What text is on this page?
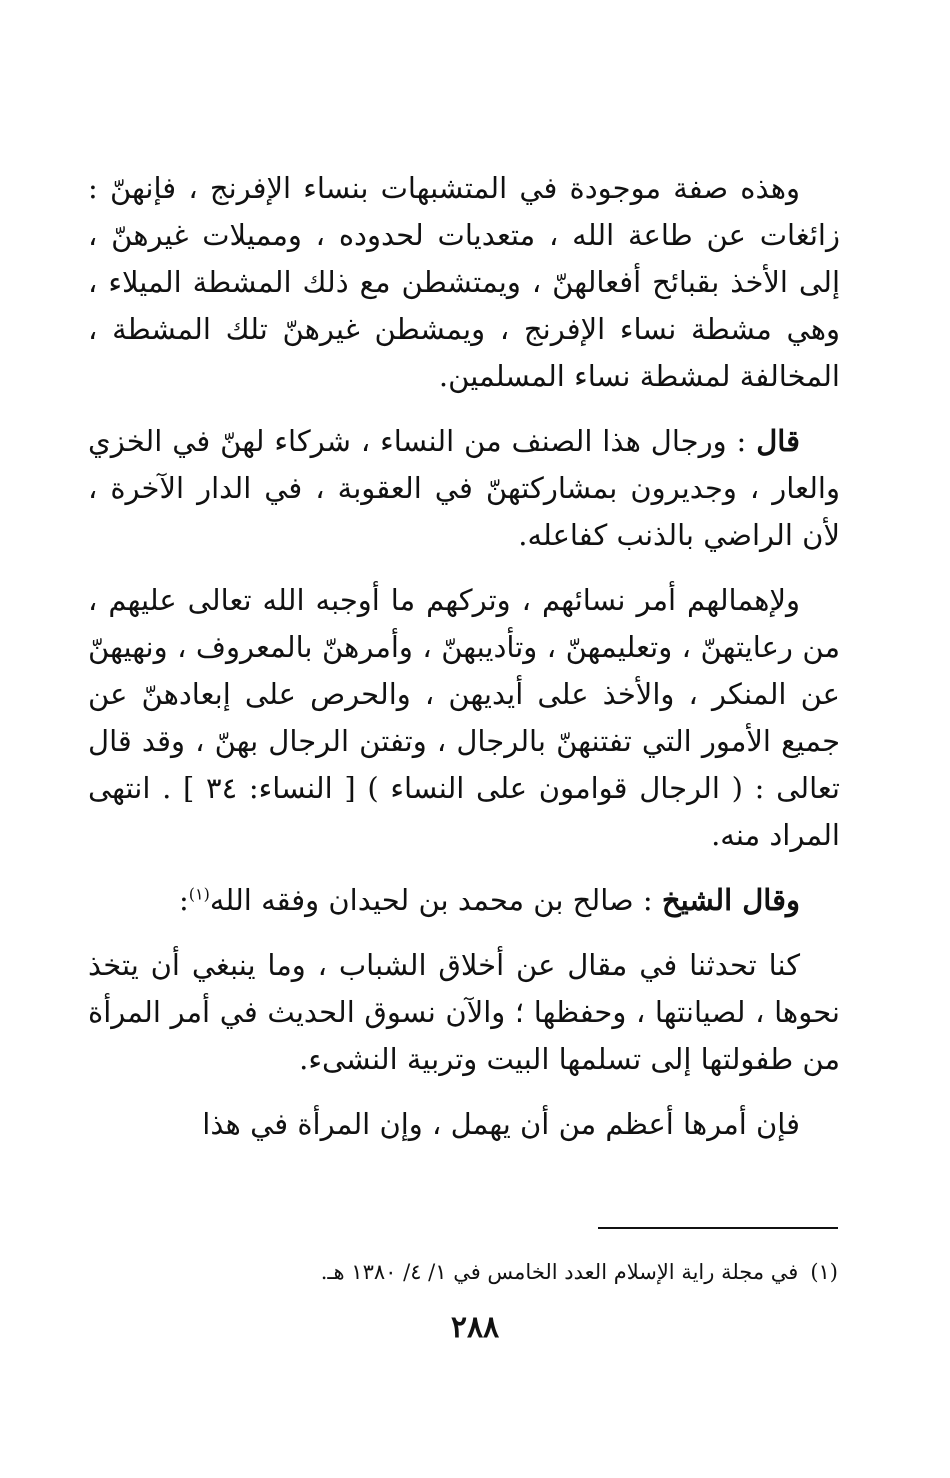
وهذه صفة موجودة في المتشبهات بنساء الإفرنج ، فإنهنّ : زائغات عن طاعة الله ، متعديات لحدوده ، ومميلات غيرهنّ ، إلى الأخذ بقبائح أفعالهنّ ، ويمتشطن مع ذلك المشطة الميلاء ، وهي مشطة نساء الإفرنج ، ويمشطن غيرهنّ تلك المشطة ، المخالفة لمشطة نساء المسلمين.

قال : ورجال هذا الصنف من النساء ، شركاء لهنّ في الخزي والعار ، وجديرون بمشاركتهنّ في العقوبة ، في الدار الآخرة ، لأن الراضي بالذنب كفاعله.

ولإهمالهم أمر نسائهم ، وتركهم ما أوجبه الله تعالى عليهم ، من رعايتهنّ ، وتعليمهنّ ، وتأديبهنّ ، وأمرهنّ بالمعروف ، ونهيهنّ عن المنكر ، والأخذ على أيديهن ، والحرص على إبعادهنّ عن جميع الأمور التي تفتنهنّ بالرجال ، وتفتن الرجال بهنّ ، وقد قال تعالى : ( الرجال قوامون على النساء ) [ النساء: ٣٤ ] . انتهى المراد منه.

وقال الشيخ : صالح بن محمد بن لحيدان وفقه الله$^{(١)}$:

كنا تحدثنا في مقال عن أخلاق الشباب ، وما ينبغي أن يتخذ نحوها ، لصيانتها ، وحفظها ؛ والآن نسوق الحديث في أمر المرأة من طفولتها إلى تسلمها البيت وتربية النشىء.

فإن أمرها أعظم من أن يهمل ، وإن المرأة في هذا

(١)في مجلة راية الإسلام العدد الخامس في ١/ ٤/ ١٣٨٠ هـ.
٢٨٨
